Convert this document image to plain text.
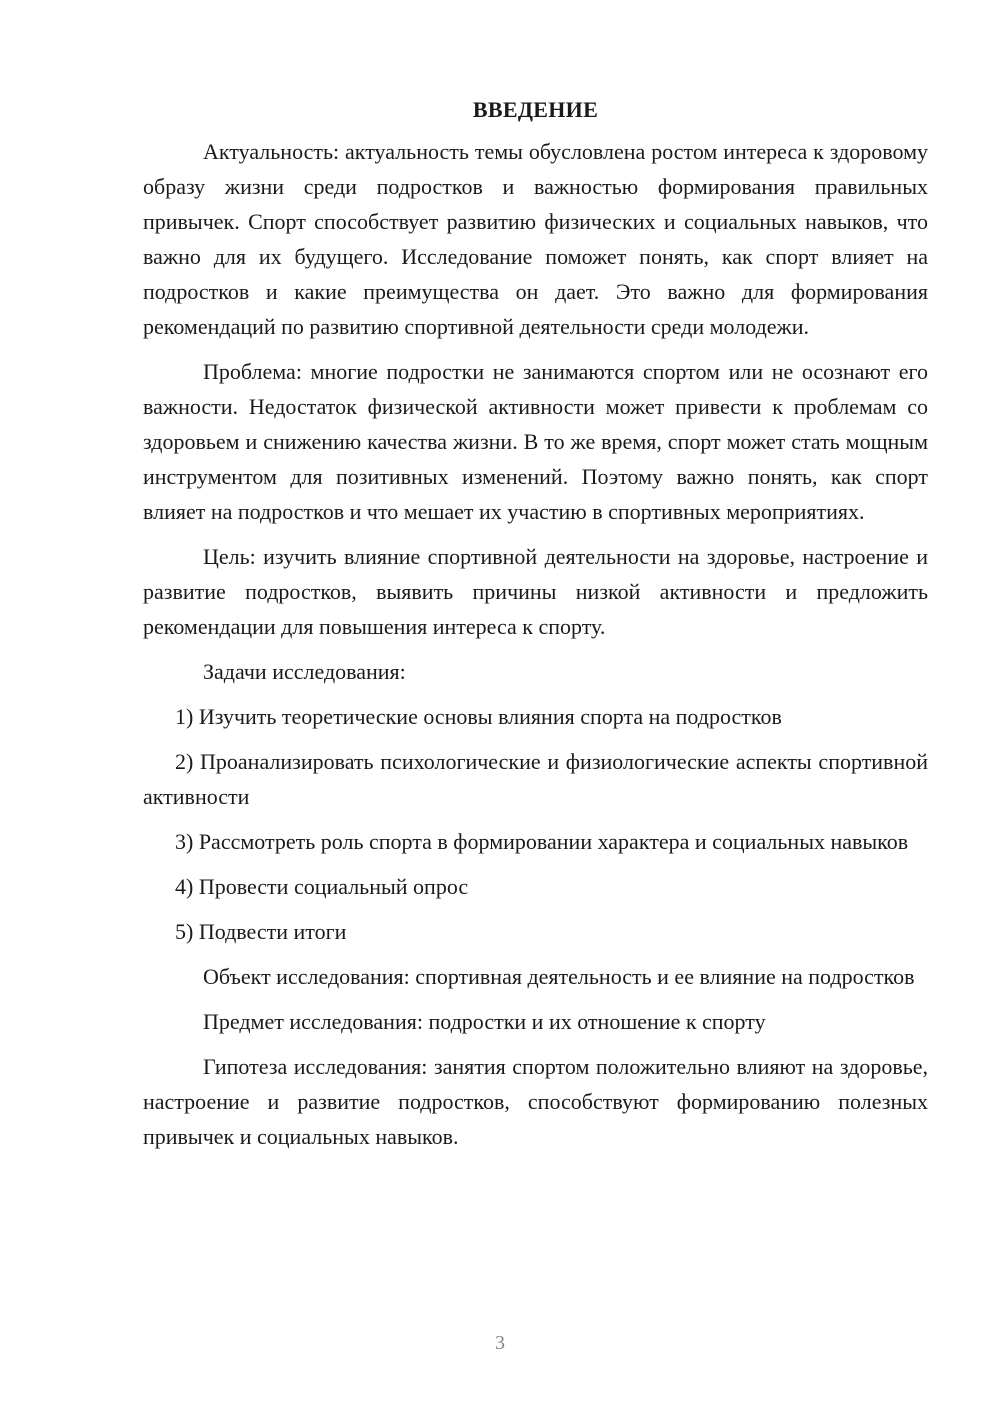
ВВЕДЕНИЕ

Актуальность: актуальность темы обусловлена ростом интереса к здоровому образу жизни среди подростков и важностью формирования правильных привычек. Спорт способствует развитию физических и социальных навыков, что важно для их будущего. Исследование поможет понять, как спорт влияет на подростков и какие преимущества он дает. Это важно для формирования рекомендаций по развитию спортивной деятельности среди молодежи.

Проблема: многие подростки не занимаются спортом или не осознают его важности. Недостаток физической активности может привести к проблемам со здоровьем и снижению качества жизни. В то же время, спорт может стать мощным инструментом для позитивных изменений. Поэтому важно понять, как спорт влияет на подростков и что мешает их участию в спортивных мероприятиях.

Цель: изучить влияние спортивной деятельности на здоровье, настроение и развитие подростков, выявить причины низкой активности и предложить рекомендации для повышения интереса к спорту.

Задачи исследования:

1) Изучить теоретические основы влияния спорта на подростков

2) Проанализировать психологические и физиологические аспекты спортивной активности

3) Рассмотреть роль спорта в формировании характера и социальных навыков

4) Провести социальный опрос

5) Подвести итоги

Объект исследования: спортивная деятельность и ее влияние на подростков

Предмет исследования: подростки и их отношение к спорту

Гипотеза исследования: занятия спортом положительно влияют на здоровье, настроение и развитие подростков, способствуют формированию полезных привычек и социальных навыков.

3
